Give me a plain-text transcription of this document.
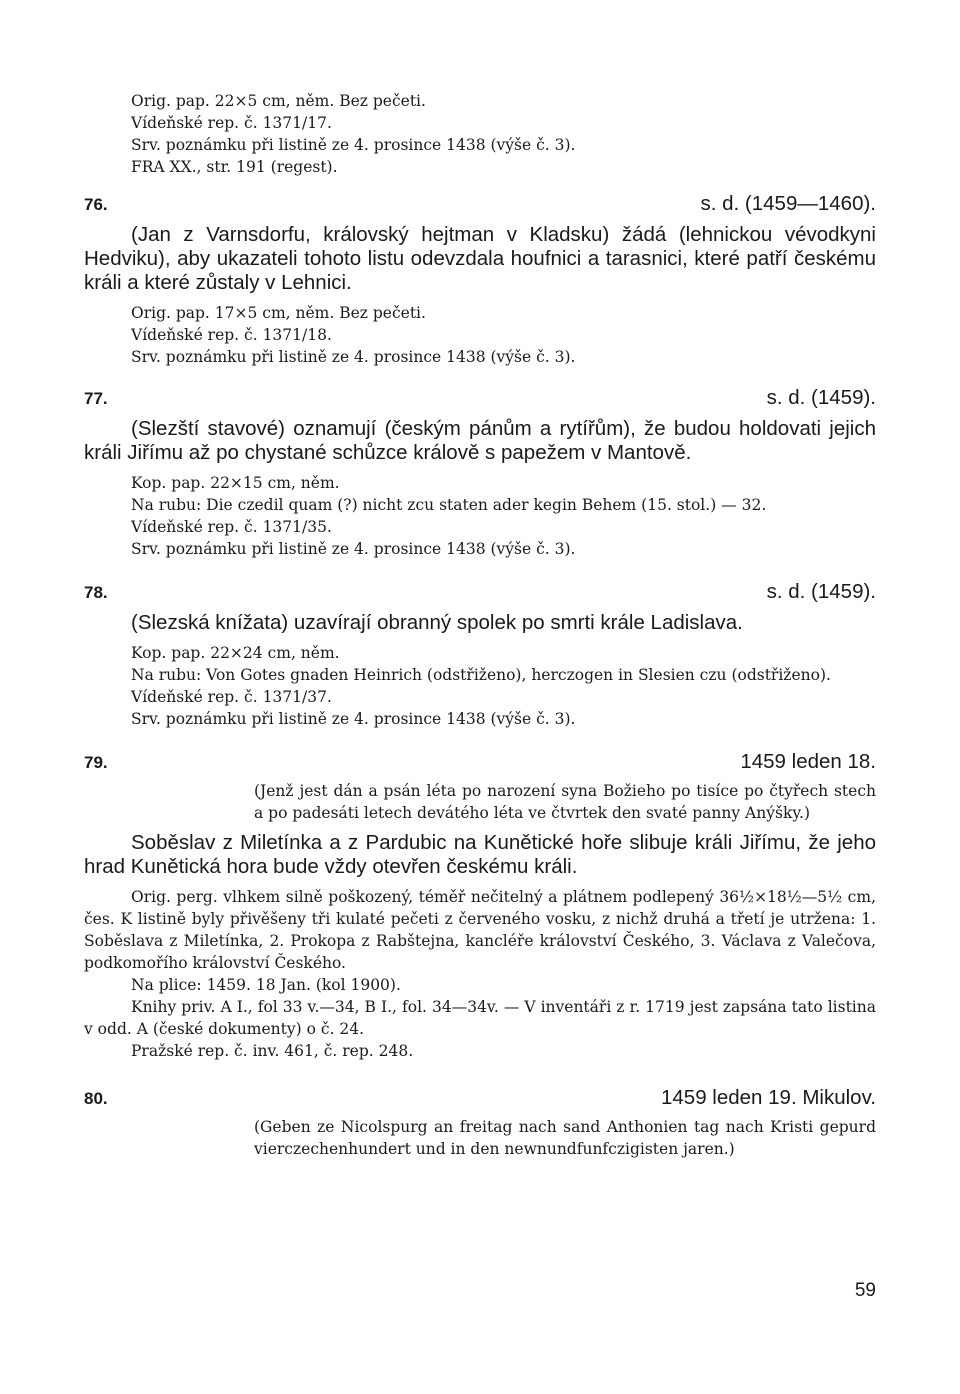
Orig. pap. 22×5 cm, něm. Bez pečeti.
Vídeňské rep. č. 1371/17.
Srv. poznámku při listině ze 4. prosince 1438 (výše č. 3).
FRA XX., str. 191 (regest).
76.	s. d. (1459—1460).
(Jan z Varnsdorfu, královský hejtman v Kladsku) žádá (lehnickou vévodkyni Hedviku), aby ukazateli tohoto listu odevzdala houfnici a tarasnici, které patří českému králi a které zůstaly v Lehnici.
Orig. pap. 17×5 cm, něm. Bez pečeti.
Vídeňské rep. č. 1371/18.
Srv. poznámku při listině ze 4. prosince 1438 (výše č. 3).
77.	s. d. (1459).
(Slezští stavové) oznamují (českým pánům a rytířům), že budou holdovati jejich králi Jiřímu až po chystané schůzce králově s papežem v Mantově.
Kop. pap. 22×15 cm, něm.
Na rubu: Die czedil quam (?) nicht zcu staten ader kegin Behem (15. stol.) — 32.
Vídeňské rep. č. 1371/35.
Srv. poznámku při listině ze 4. prosince 1438 (výše č. 3).
78.	s. d. (1459).
(Slezská knížata) uzavírají obranný spolek po smrti krále Ladislava.
Kop. pap. 22×24 cm, něm.
Na rubu: Von Gotes gnaden Heinrich (odstřiženo), herczogen in Slesien czu (odstřiženo).
Vídeňské rep. č. 1371/37.
Srv. poznámku při listině ze 4. prosince 1438 (výše č. 3).
79.	1459 leden 18.
(Jenž jest dán a psán léta po narození syna Božieho po tisíce po čtyřech stech a po padesáti letech devátého léta ve čtvrtek den svaté panny Anýšky.)
Soběslav z Miletínka a z Pardubic na Kunětické hoře slibuje králi Jiřímu, že jeho hrad Kunětická hora bude vždy otevřen českému králi.
Orig. perg. vlhkem silně poškozený, téměř nečitelný a plátnem podlepený 36½×18½—5½ cm, čes. K listině byly přivěšeny tři kulaté pečeti z červeného vosku, z nichž druhá a třetí je utržena: 1. Soběslava z Miletínka, 2. Prokopa z Rabštejna, kancléře království Českého, 3. Václava z Valečova, podkomořího království Českého.
Na plice: 1459. 18 Jan. (kol 1900).
Knihy priv. A I., fol 33 v.—34, B I., fol. 34—34v. — V inventáři z r. 1719 jest zapsána tato listina v odd. A (české dokumenty) o č. 24.
Pražské rep. č. inv. 461, č. rep. 248.
80.	1459 leden 19. Mikulov.
(Geben ze Nicolspurg an freitag nach sand Anthonien tag nach Kristi gepurd vierczechenhundert und in den newnundfunfczigisten jaren.)
59
